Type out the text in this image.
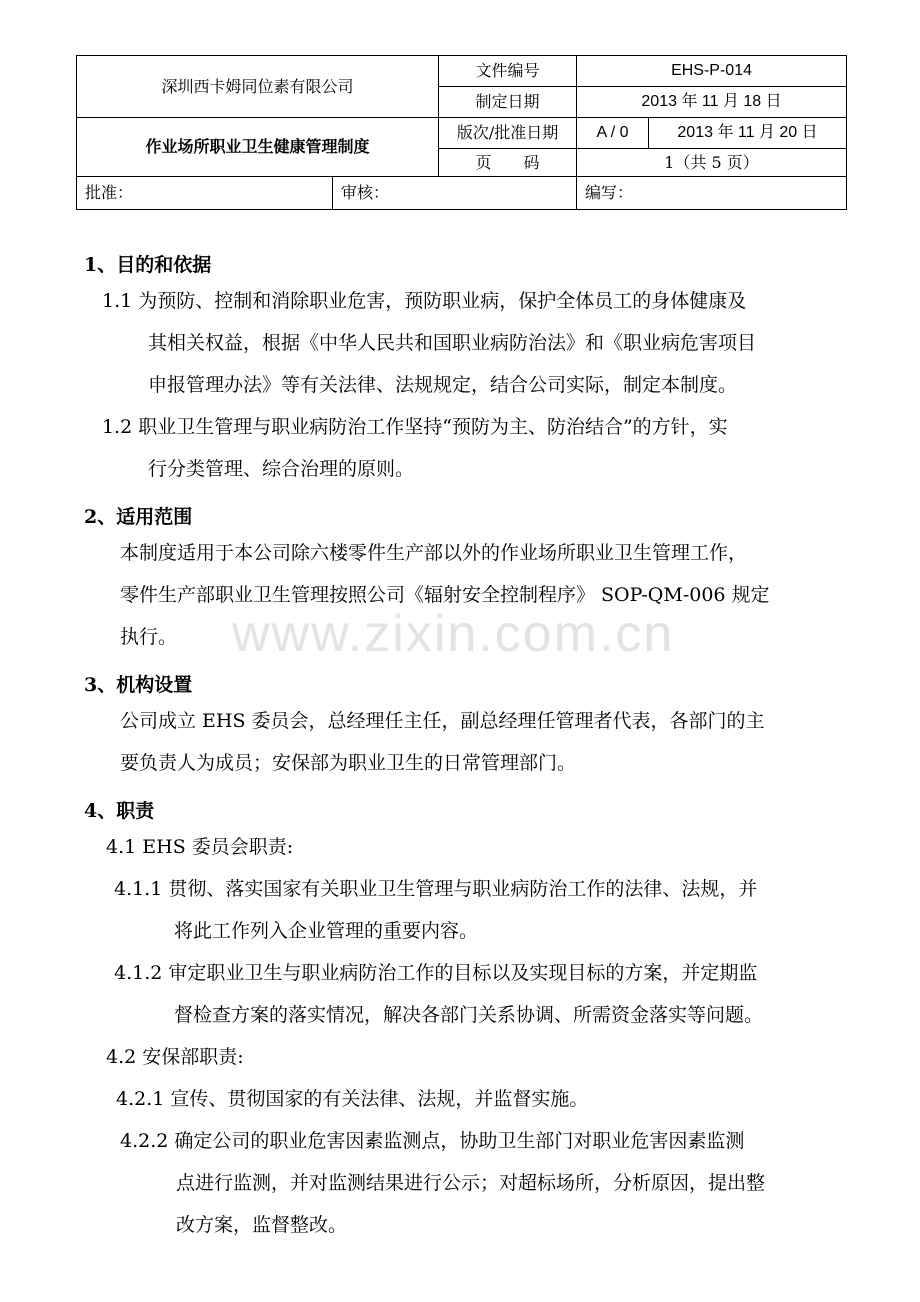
深圳西卡姆同位素有限公司		文件编号	EHS-P-014	
		制定日期	2013 年 11 月 18 日	
作业场所职业卫生健康管理制度		版次/批准日期	A / 0	2013 年 11 月 20 日
		页　　码	1（共 5 页）	
批准：	审核：		编写：	
www.zixin.com.cn
1、目的和依据
1.1 为预防、控制和消除职业危害，预防职业病，保护全体员工的身体健康及
其相关权益，根据《中华人民共和国职业病防治法》和《职业病危害项目
申报管理办法》等有关法律、法规规定，结合公司实际，制定本制度。
1.2 职业卫生管理与职业病防治工作坚持“预防为主、防治结合”的方针，实
行分类管理、综合治理的原则。
2、适用范围
本制度适用于本公司除六楼零件生产部以外的作业场所职业卫生管理工作，
零件生产部职业卫生管理按照公司《辐射安全控制程序》 SOP-QM-006 规定
执行。
3、机构设置
公司成立 EHS 委员会，总经理任主任，副总经理任管理者代表，各部门的主
要负责人为成员；安保部为职业卫生的日常管理部门。
4、职责
4.1 EHS 委员会职责:
4.1.1 贯彻、落实国家有关职业卫生管理与职业病防治工作的法律、法规，并
将此工作列入企业管理的重要内容。
4.1.2 审定职业卫生与职业病防治工作的目标以及实现目标的方案，并定期监
督检查方案的落实情况，解决各部门关系协调、所需资金落实等问题。
4.2 安保部职责:
4.2.1 宣传、贯彻国家的有关法律、法规，并监督实施。
4.2.2 确定公司的职业危害因素监测点，协助卫生部门对职业危害因素监测
点进行监测，并对监测结果进行公示；对超标场所，分析原因，提出整
改方案，监督整改。
